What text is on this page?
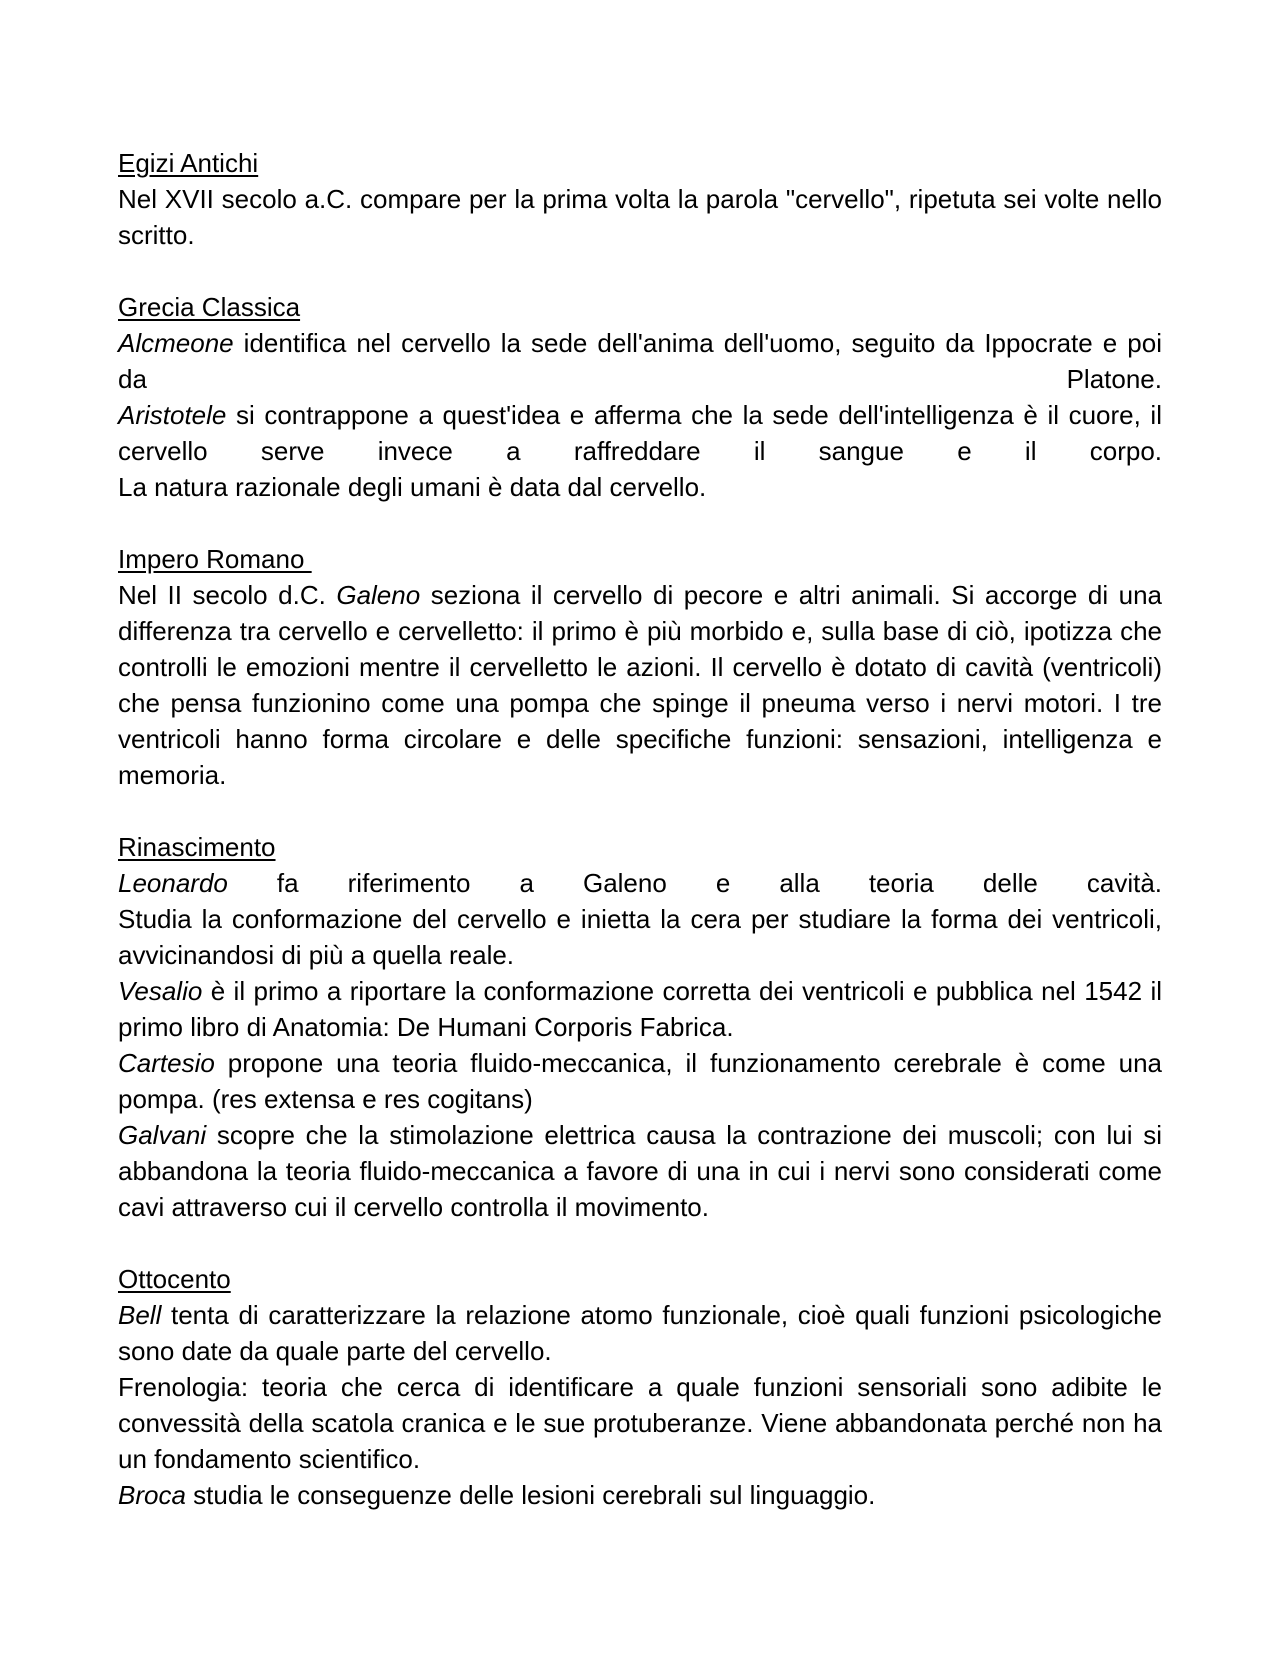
Egizi Antichi

Nel XVII secolo a.C. compare per la prima volta la parola "cervello", ripetuta sei volte nello scritto.

Grecia Classica

Alcmeone identifica nel cervello la sede dell'anima dell'uomo, seguito da Ippocrate e poi da Platone.

Aristotele si contrappone a quest'idea e afferma che la sede dell'intelligenza è il cuore, il cervello serve invece a raffreddare il sangue e il corpo.

La natura razionale degli umani è data dal cervello.

Impero Romano

Nel II secolo d.C. Galeno seziona il cervello di pecore e altri animali. Si accorge di una differenza tra cervello e cervelletto: il primo è più morbido e, sulla base di ciò, ipotizza che controlli le emozioni mentre il cervelletto le azioni. Il cervello è dotato di cavità (ventricoli) che pensa funzionino come una pompa che spinge il pneuma verso i nervi motori. I tre ventricoli hanno forma circolare e delle specifiche funzioni: sensazioni, intelligenza e memoria.

Rinascimento

Leonardo fa riferimento a Galeno e alla teoria delle cavità.

Studia la conformazione del cervello e inietta la cera per studiare la forma dei ventricoli, avvicinandosi di più a quella reale.

Vesalio è il primo a riportare la conformazione corretta dei ventricoli e pubblica nel 1542 il primo libro di Anatomia: De Humani Corporis Fabrica.

Cartesio propone una teoria fluido-meccanica, il funzionamento cerebrale è come una pompa. (res extensa e res cogitans)

Galvani scopre che la stimolazione elettrica causa la contrazione dei muscoli; con lui si abbandona la teoria fluido-meccanica a favore di una in cui i nervi sono considerati come cavi attraverso cui il cervello controlla il movimento.

Ottocento

Bell tenta di caratterizzare la relazione atomo funzionale, cioè quali funzioni psicologiche sono date da quale parte del cervello.

Frenologia: teoria che cerca di identificare a quale funzioni sensoriali sono adibite le convessità della scatola cranica e le sue protuberanze. Viene abbandonata perché non ha un fondamento scientifico.

Broca studia le conseguenze delle lesioni cerebrali sul linguaggio.
